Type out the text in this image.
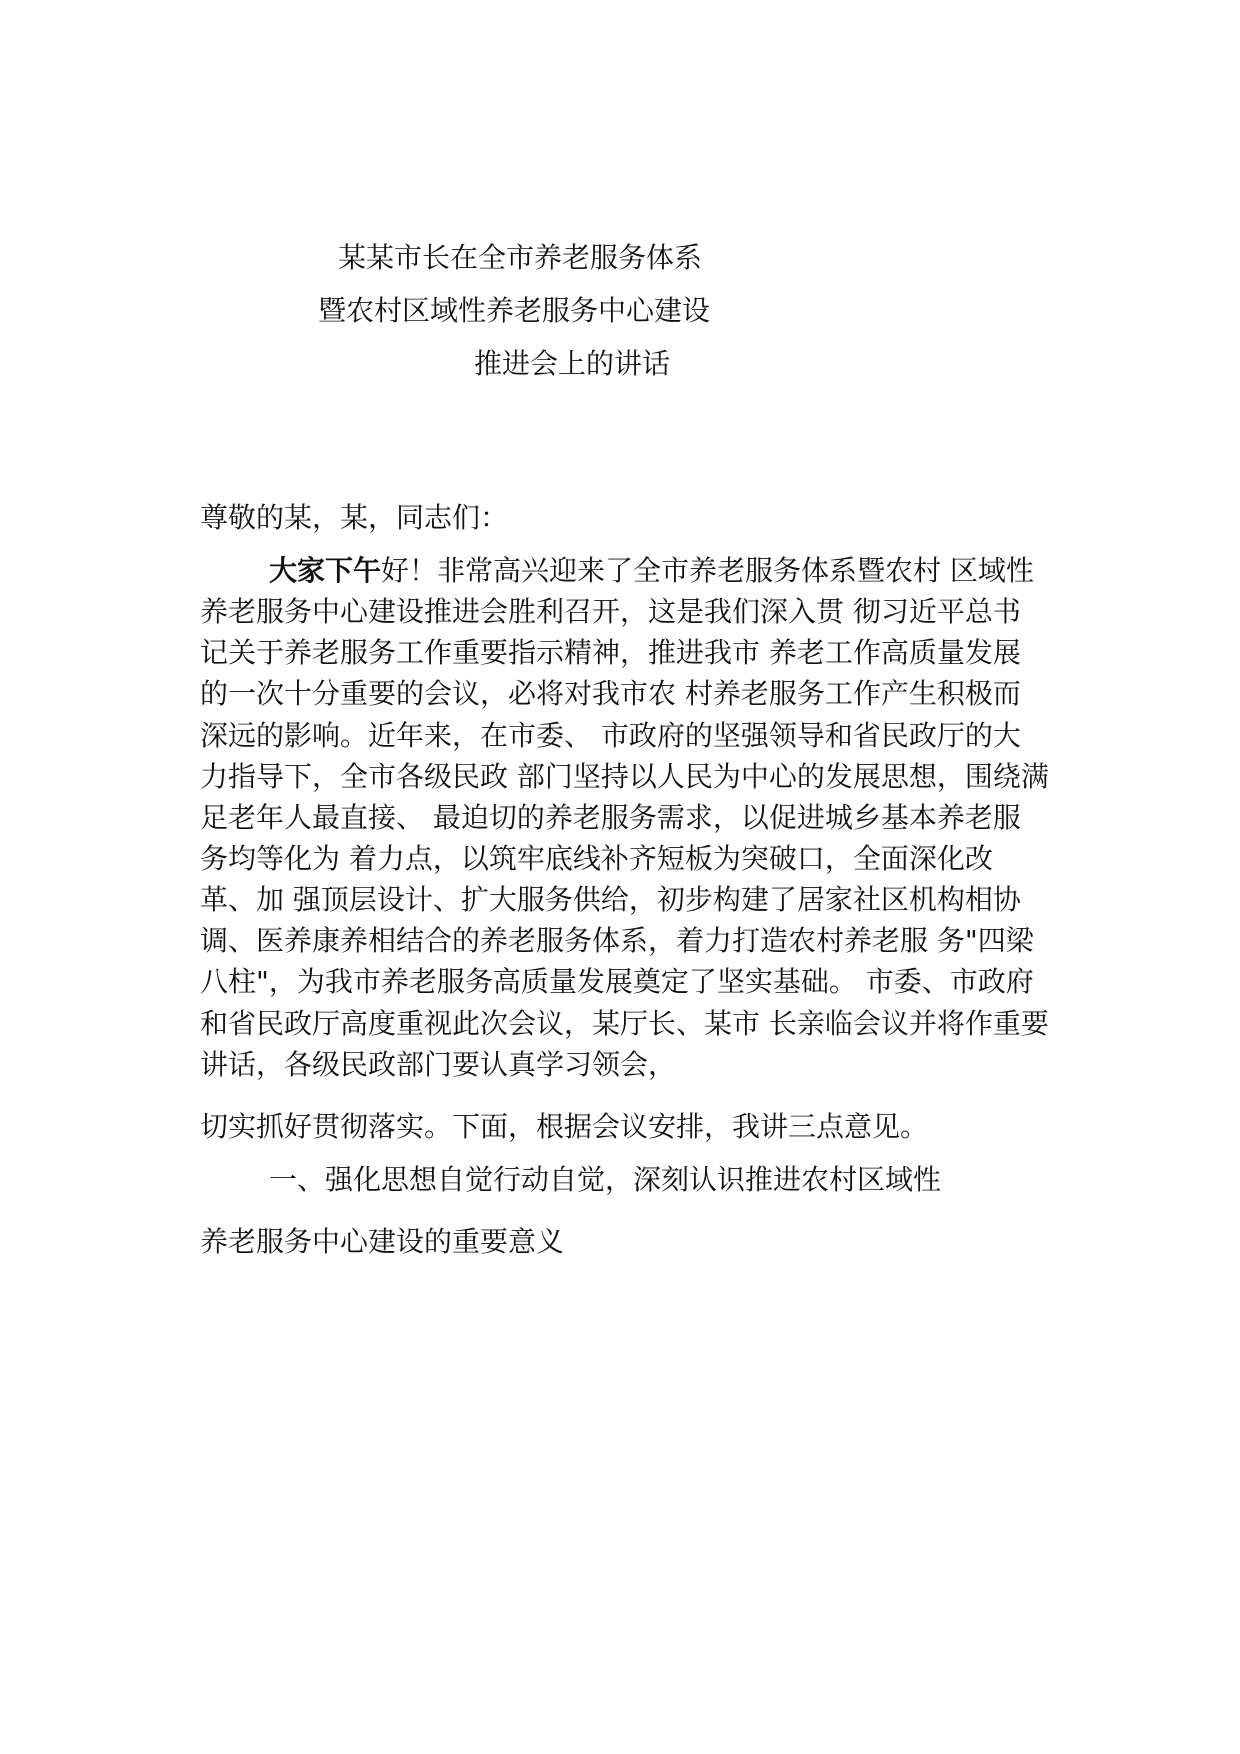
某某市长在全市养老服务体系
暨农村区域性养老服务中心建设
推进会上的讲话
尊敬的某，某，同志们：
大家下午好！非常高兴迎来了全市养老服务体系暨农村 区域性
养老服务中心建设推进会胜利召开，这是我们深入贯 彻习近平总书
记关于养老服务工作重要指示精神，推进我市 养老工作高质量发展
的一次十分重要的会议，必将对我市农 村养老服务工作产生积极而
深远的影响。近年来，在市委、 市政府的坚强领导和省民政厅的大
力指导下，全市各级民政 部门坚持以人民为中心的发展思想，围绕满
足老年人最直接、 最迫切的养老服务需求，以促进城乡基本养老服
务均等化为 着力点，以筑牢底线补齐短板为突破口，全面深化改
革、加 强顶层设计、扩大服务供给，初步构建了居家社区机构相协
调、医养康养相结合的养老服务体系，着力打造农村养老服 务"四梁
八柱"，为我市养老服务高质量发展奠定了坚实基础。 市委、市政府
和省民政厅高度重视此次会议，某厅长、某市 长亲临会议并将作重要
讲话，各级民政部门要认真学习领会，
切实抓好贯彻落实。下面，根据会议安排，我讲三点意见。
一、强化思想自觉行动自觉，深刻认识推进农村区域性
养老服务中心建设的重要意义
